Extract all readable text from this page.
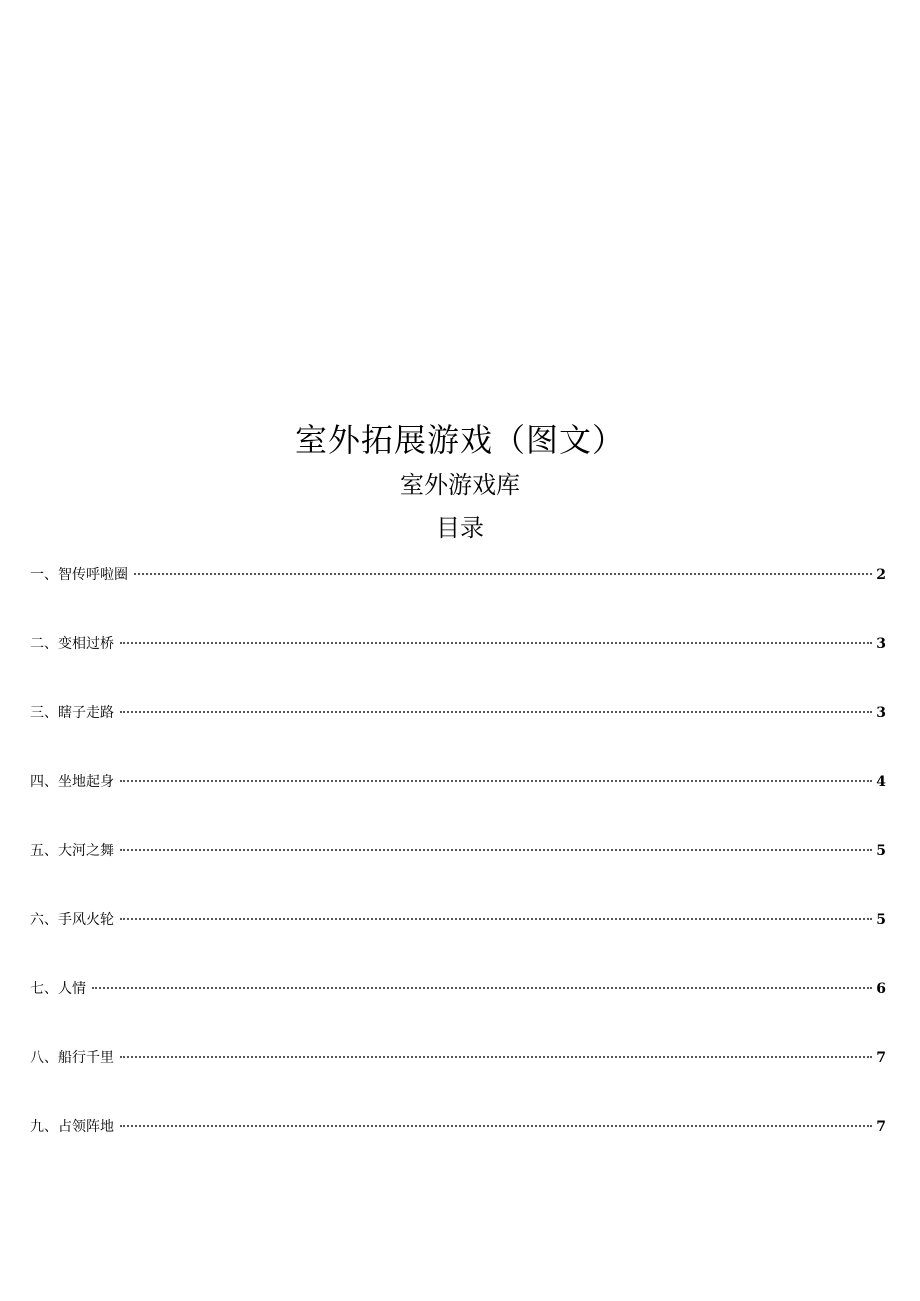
室外拓展游戏（图文）
室外游戏库
目录
一、智传呼啦圈	2
二、变相过桥	3
三、瞎子走路	3
四、坐地起身	4
五、大河之舞	5
六、手风火轮	5
七、人情	6
八、船行千里	7
九、占领阵地	7
